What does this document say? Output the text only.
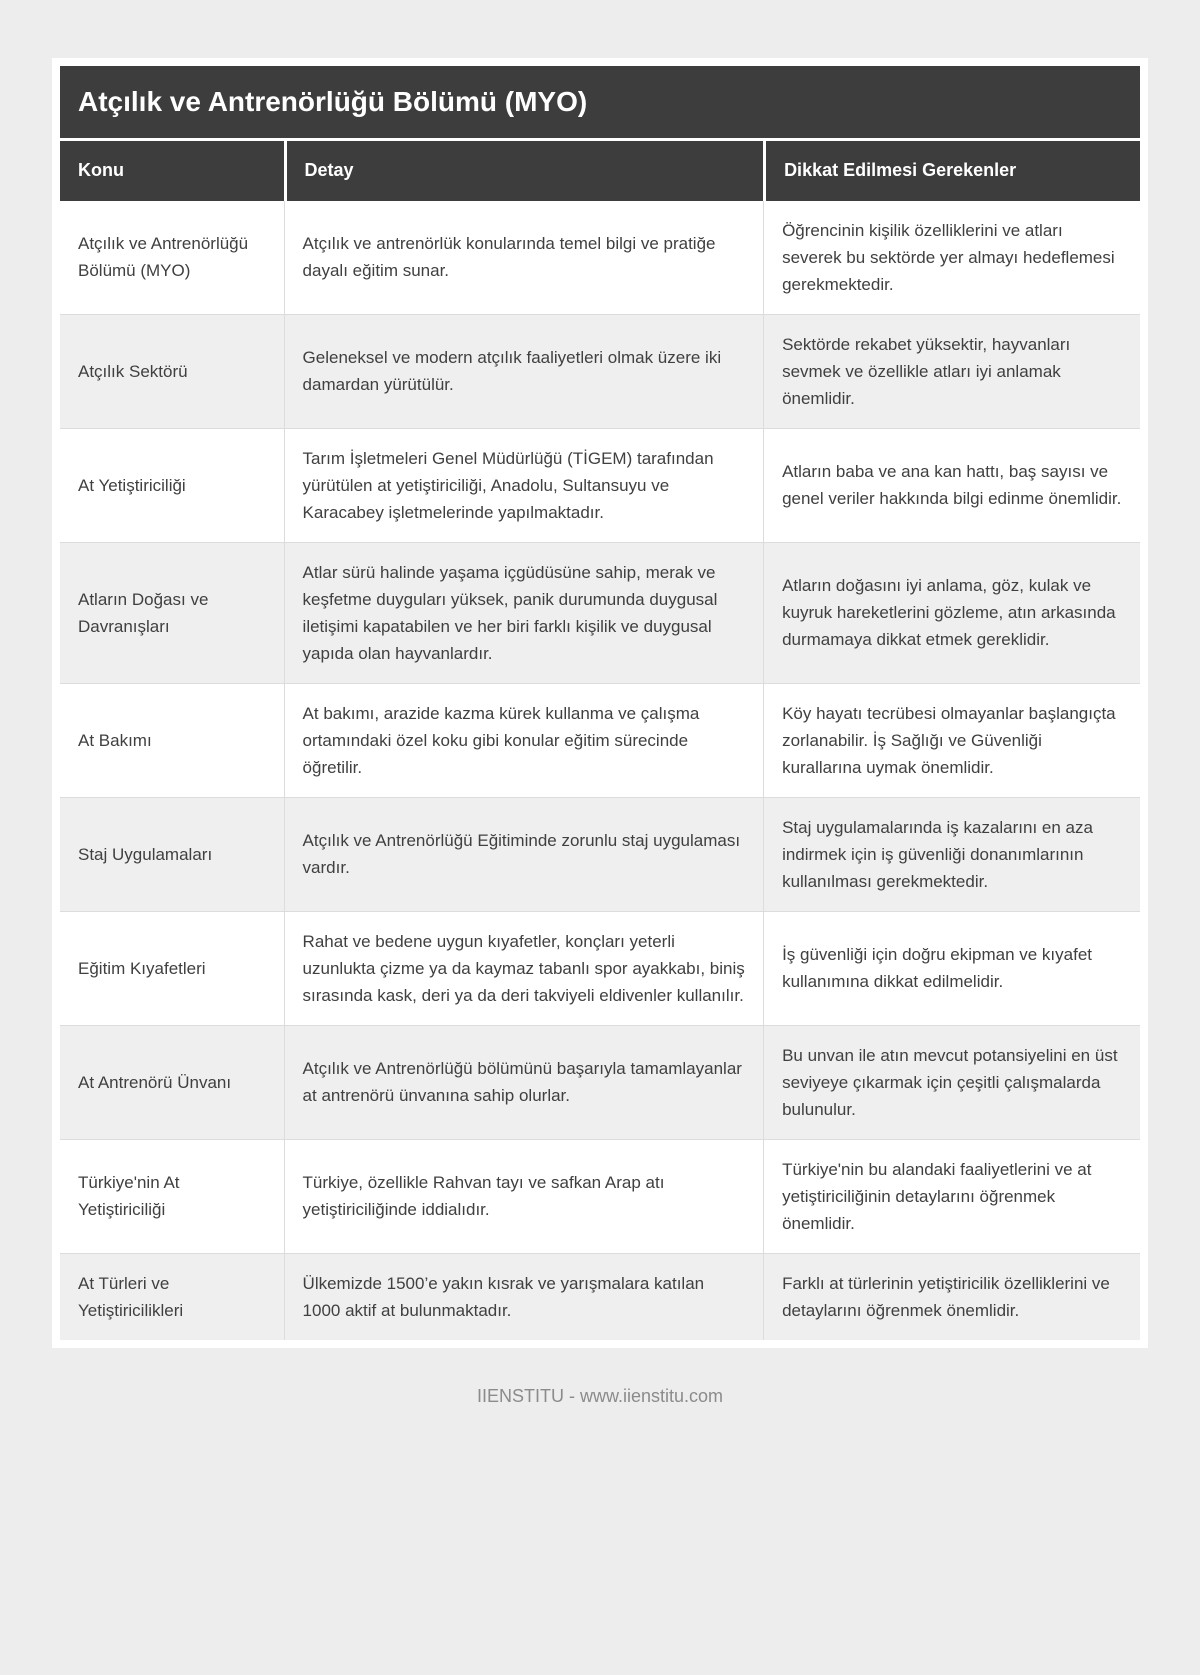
Atçılık ve Antrenörlüğü Bölümü (MYO)
Konu	Detay	Dikkat Edilmesi Gerekenler
Atçılık ve Antrenörlüğü Bölümü (MYO)	Atçılık ve antrenörlük konularında temel bilgi ve pratiğe dayalı eğitim sunar.	Öğrencinin kişilik özelliklerini ve atları severek bu sektörde yer almayı hedeflemesi gerekmektedir.
Atçılık Sektörü	Geleneksel ve modern atçılık faaliyetleri olmak üzere iki damardan yürütülür.	Sektörde rekabet yüksektir, hayvanları sevmek ve özellikle atları iyi anlamak önemlidir.
At Yetiştiriciliği	Tarım İşletmeleri Genel Müdürlüğü (TİGEM) tarafından yürütülen at yetiştiriciliği, Anadolu, Sultansuyu ve Karacabey işletmelerinde yapılmaktadır.	Atların baba ve ana kan hattı, baş sayısı ve genel veriler hakkında bilgi edinme önemlidir.
Atların Doğası ve Davranışları	Atlar sürü halinde yaşama içgüdüsüne sahip, merak ve keşfetme duyguları yüksek, panik durumunda duygusal iletişimi kapatabilen ve her biri farklı kişilik ve duygusal yapıda olan hayvanlardır.	Atların doğasını iyi anlama, göz, kulak ve kuyruk hareketlerini gözleme, atın arkasında durmamaya dikkat etmek gereklidir.
At Bakımı	At bakımı, arazide kazma kürek kullanma ve çalışma ortamındaki özel koku gibi konular eğitim sürecinde öğretilir.	Köy hayatı tecrübesi olmayanlar başlangıçta zorlanabilir. İş Sağlığı ve Güvenliği kurallarına uymak önemlidir.
Staj Uygulamaları	Atçılık ve Antrenörlüğü Eğitiminde zorunlu staj uygulaması vardır.	Staj uygulamalarında iş kazalarını en aza indirmek için iş güvenliği donanımlarının kullanılması gerekmektedir.
Eğitim Kıyafetleri	Rahat ve bedene uygun kıyafetler, konçları yeterli uzunlukta çizme ya da kaymaz tabanlı spor ayakkabı, biniş sırasında kask, deri ya da deri takviyeli eldivenler kullanılır.	İş güvenliği için doğru ekipman ve kıyafet kullanımına dikkat edilmelidir.
At Antrenörü Ünvanı	Atçılık ve Antrenörlüğü bölümünü başarıyla tamamlayanlar at antrenörü ünvanına sahip olurlar.	Bu unvan ile atın mevcut potansiyelini en üst seviyeye çıkarmak için çeşitli çalışmalarda bulunulur.
Türkiye'nin At Yetiştiriciliği	Türkiye, özellikle Rahvan tayı ve safkan Arap atı yetiştiriciliğinde iddialıdır.	Türkiye'nin bu alandaki faaliyetlerini ve at yetiştiriciliğinin detaylarını öğrenmek önemlidir.
At Türleri ve Yetiştiricilikleri	Ülkemizde 1500’e yakın kısrak ve yarışmalara katılan 1000 aktif at bulunmaktadır.	Farklı at türlerinin yetiştiricilik özelliklerini ve detaylarını öğrenmek önemlidir.
IIENSTITU - www.iienstitu.com
